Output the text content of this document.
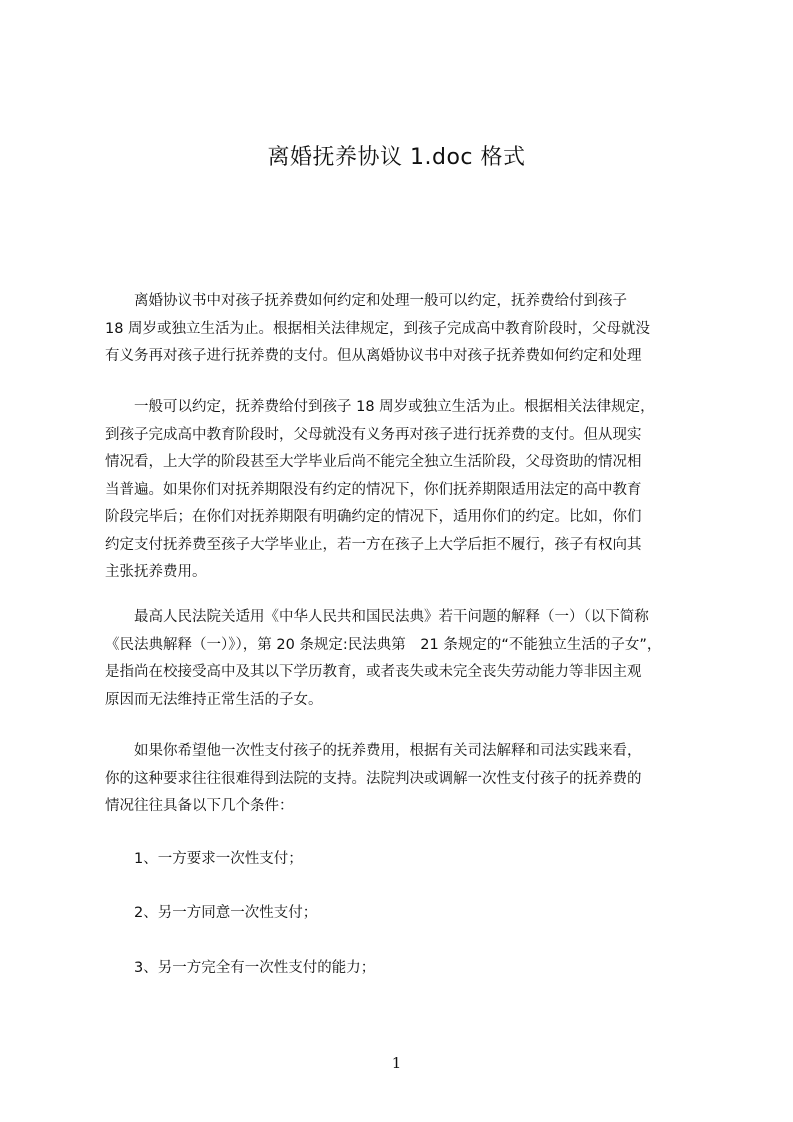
离婚抚养协议 1.doc 格式
　　离婚协议书中对孩子抚养费如何约定和处理一般可以约定，抚养费给付到孩子
18 周岁或独立生活为止。根据相关法律规定，到孩子完成高中教育阶段时，父母就没
有义务再对孩子进行抚养费的支付。但从离婚协议书中对孩子抚养费如何约定和处理
　　一般可以约定，抚养费给付到孩子 18 周岁或独立生活为止。根据相关法律规定，
到孩子完成高中教育阶段时，父母就没有义务再对孩子进行抚养费的支付。但从现实
情况看，上大学的阶段甚至大学毕业后尚不能完全独立生活阶段，父母资助的情况相
当普遍。如果你们对抚养期限没有约定的情况下，你们抚养期限适用法定的高中教育
阶段完毕后；在你们对抚养期限有明确约定的情况下，适用你们的约定。比如，你们
约定支付抚养费至孩子大学毕业止，若一方在孩子上大学后拒不履行，孩子有权向其
主张抚养费用。
　　最高人民法院关适用《中华人民共和国民法典》若干问题的解释（一）（以下简称
《民法典解释（一）》），第 20 条规定:民法典第　21 条规定的“不能独立生活的子女”，
是指尚在校接受高中及其以下学历教育，或者丧失或未完全丧失劳动能力等非因主观
原因而无法维持正常生活的子女。
　　如果你希望他一次性支付孩子的抚养费用，根据有关司法解释和司法实践来看，
你的这种要求往往很难得到法院的支持。法院判决或调解一次性支付孩子的抚养费的
情况往往具备以下几个条件：
　　1、一方要求一次性支付；
　　2、另一方同意一次性支付；
　　3、另一方完全有一次性支付的能力；
1
